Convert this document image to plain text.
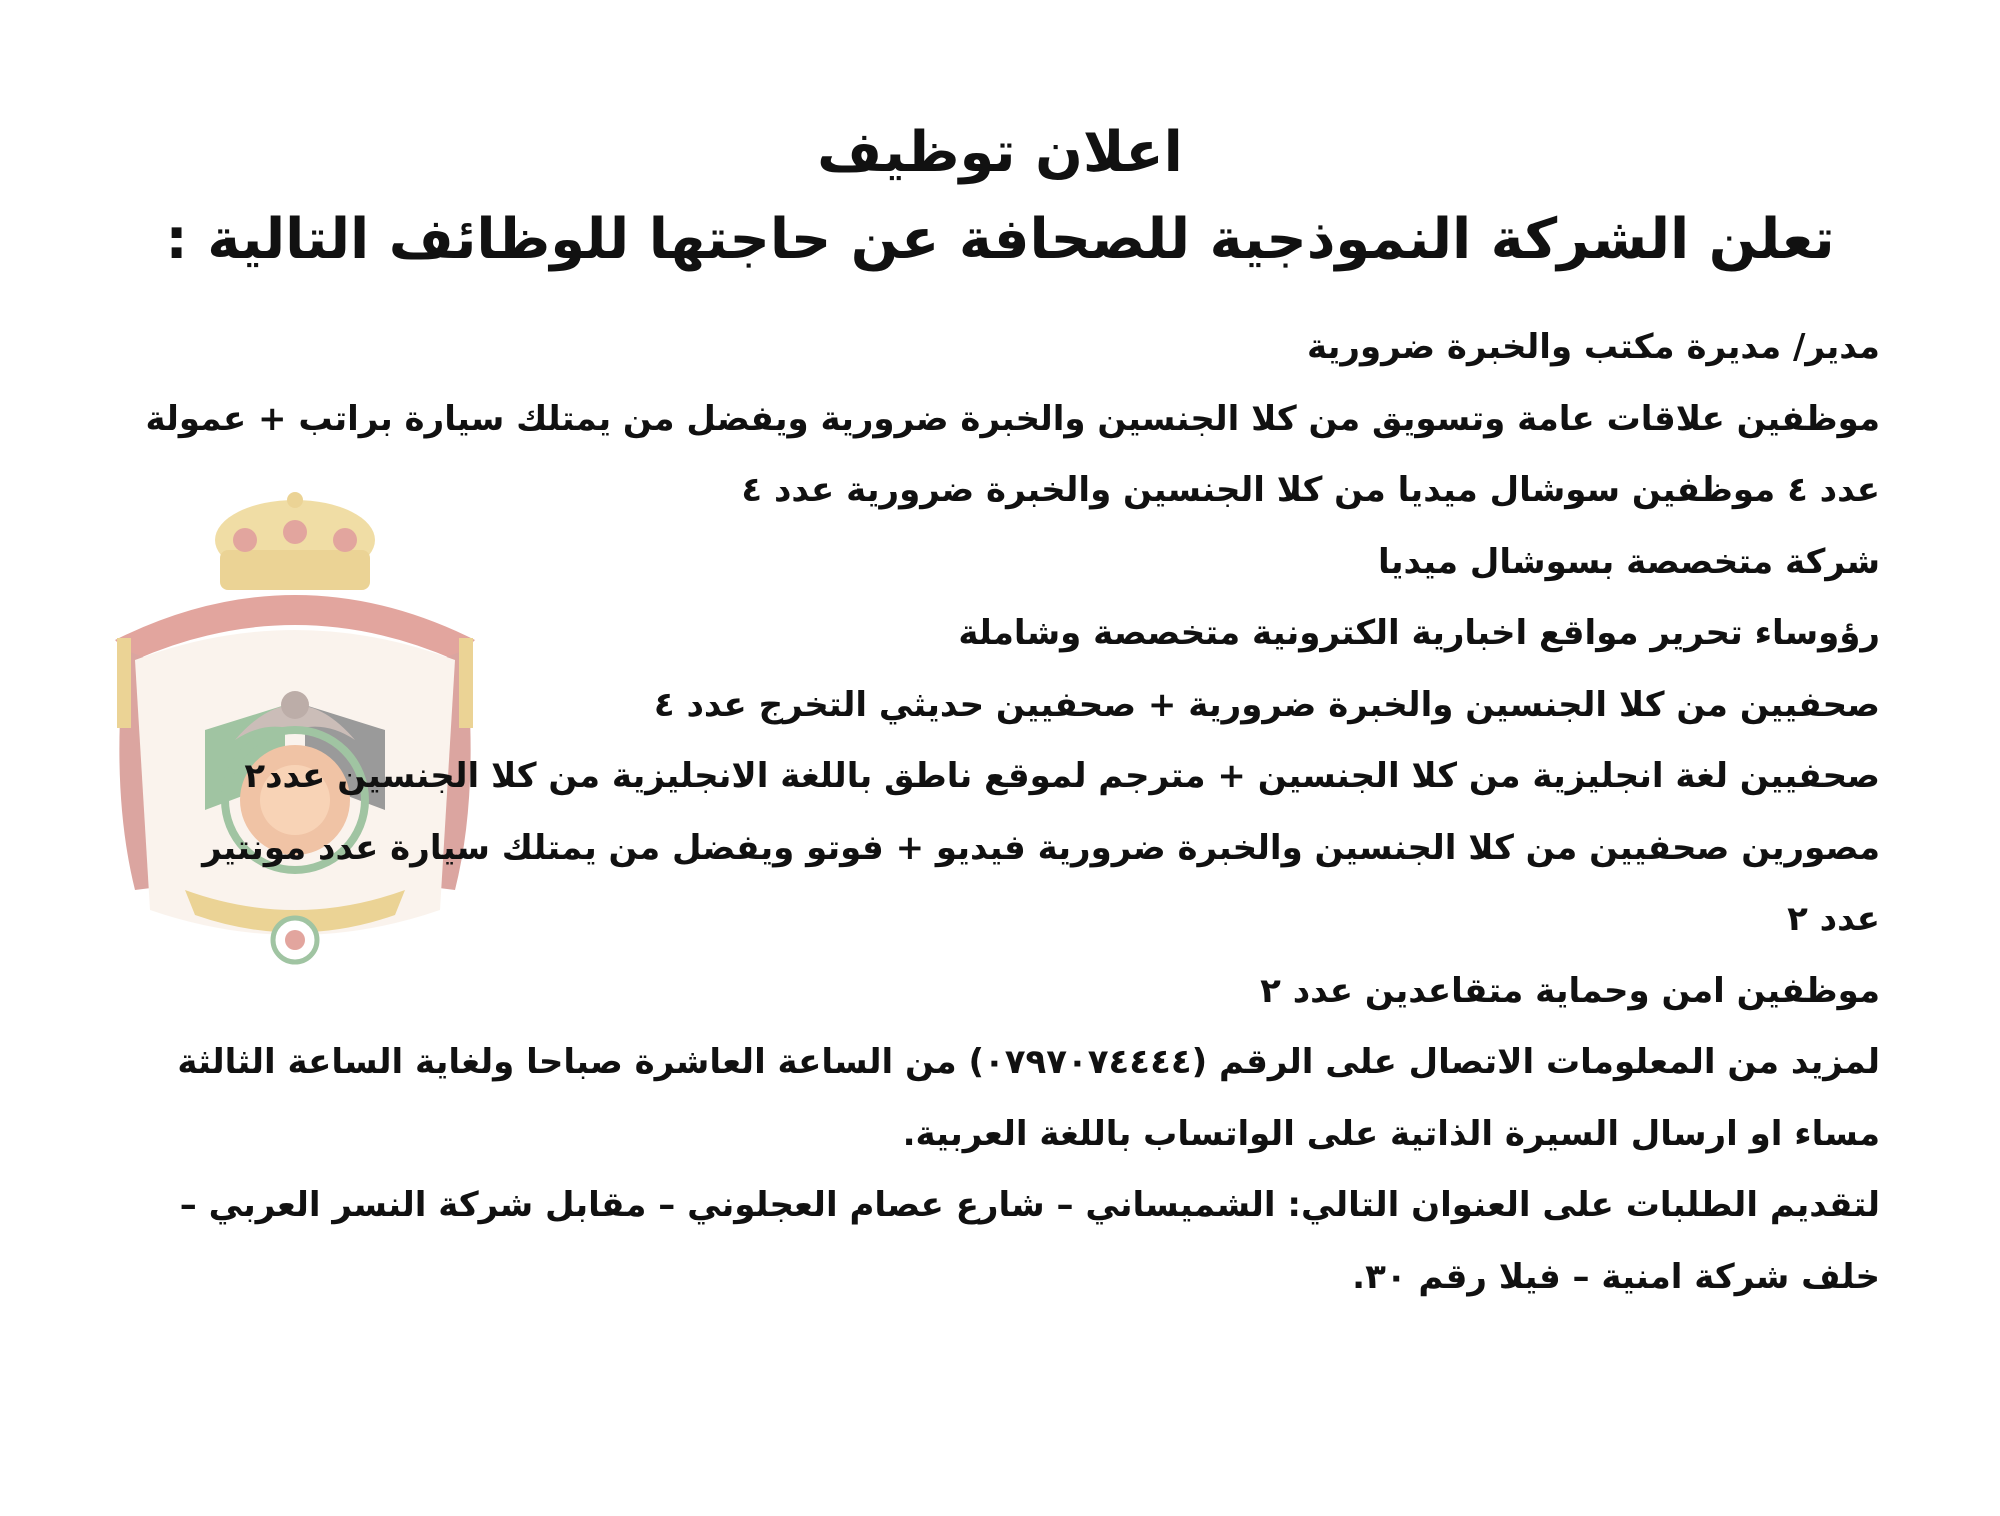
اعلان توظيف
تعلن الشركة النموذجية للصحافة عن حاجتها للوظائف التالية :
مدير/ مديرة مكتب والخبرة ضرورية
موظفين علاقات عامة وتسويق من كلا الجنسين والخبرة ضرورية ويفضل من يمتلك سيارة براتب + عمولة
عدد ٤ موظفين سوشال ميديا من كلا الجنسين والخبرة ضرورية عدد ٤
شركة متخصصة بسوشال ميديا
رؤوساء تحرير مواقع اخبارية الكترونية متخصصة وشاملة
صحفيين من كلا الجنسين والخبرة ضرورية + صحفيين حديثي التخرج عدد ٤
صحفيين لغة انجليزية من كلا الجنسين + مترجم لموقع ناطق باللغة الانجليزية من كلا الجنسين عدد٢
مصورين صحفيين من كلا الجنسين والخبرة ضرورية فيديو + فوتو ويفضل من يمتلك سيارة عدد مونتير
عدد ٢
موظفين امن وحماية متقاعدين عدد ٢
لمزيد من المعلومات الاتصال على الرقم (٠٧٩٧٠٧٤٤٤٤) من الساعة العاشرة صباحا ولغاية الساعة الثالثة
مساء او ارسال السيرة الذاتية على الواتساب باللغة العربية.
لتقديم الطلبات على العنوان التالي: الشميساني – شارع عصام العجلوني – مقابل شركة النسر العربي –
خلف شركة امنية – فيلا رقم ٣٠.
